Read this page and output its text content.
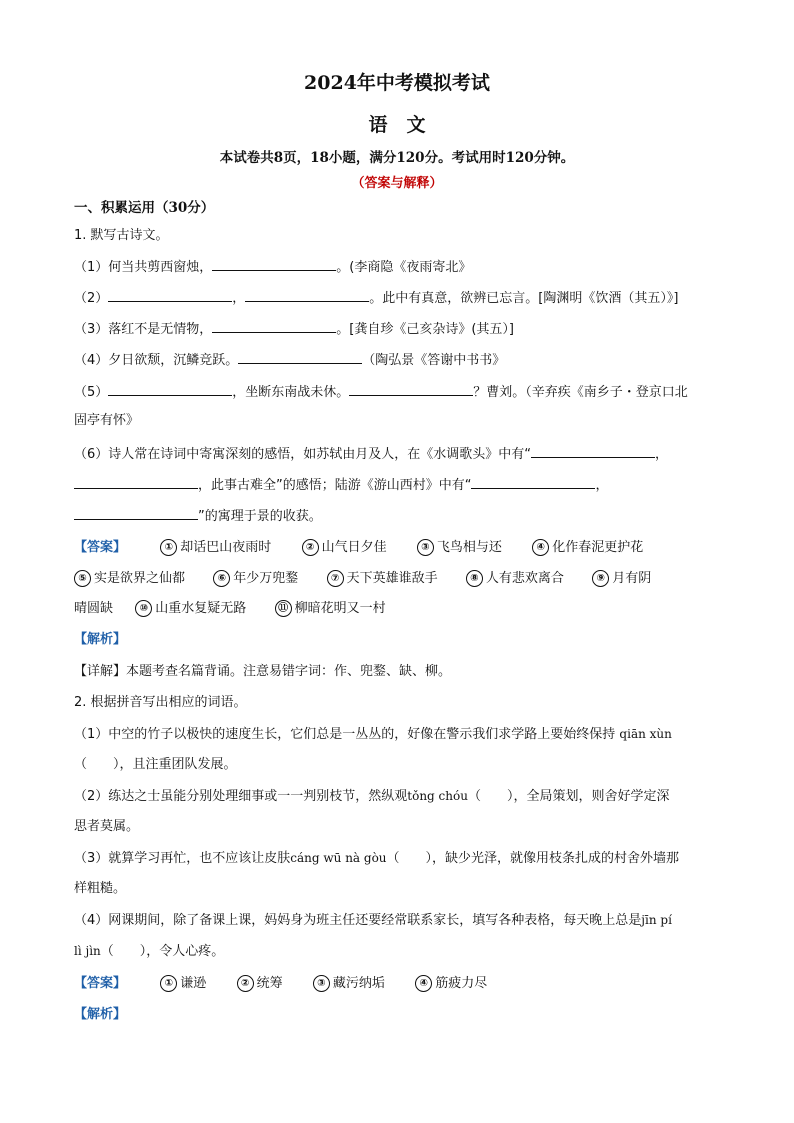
2024年中考模拟考试
语　文
本试卷共8页，18小题，满分120分。考试用时120分钟。
（答案与解释）
一、积累运用（30分）
1. 默写古诗文。
（1）何当共剪西窗烛，	。(李商隐《夜雨寄北》
（2）	，	。此中有真意，欲辨已忘言。[陶渊明《饮酒（其五）》]
（3）落红不是无情物，	。[龚自珍《己亥杂诗》(其五）]
（4）夕日欲颓，沉鳞竞跃。	（陶弘景《答谢中书书》
（5）	，坐断东南战未休。	？曹刘。（辛弃疾《南乡子・登京口北
固亭有怀》
（6）诗人常在诗词中寄寓深刻的感悟，如苏轼由月及人，在《水调歌头》中有“	，
，此事古难全”的感悟；陆游《游山西村》中有“	，
”的寓理于景的收获。
【答案】	① 却话巴山夜雨时	② 山气日夕佳	③ 飞鸟相与还	④ 化作春泥更护花
⑤ 实是欲界之仙都	⑥ 年少万兜鍪	⑦ 天下英雄谁敌手	⑧ 人有悲欢离合	⑨ 月有阴
晴圆缺	⑩ 山重水复疑无路	⑪ 柳暗花明又一村
【解析】
【详解】本题考查名篇背诵。注意易错字词：作、兜鍪、缺、柳。
2. 根据拼音写出相应的词语。
（1）中空的竹子以极快的速度生长，它们总是一丛丛的，好像在警示我们求学路上要始终保持 qiān xùn
（　　），且注重团队发展。
（2）练达之士虽能分别处理细事或一一判别枝节，然纵观tǒng chóu（　　），全局策划，则舍好学定深
思者莫属。
（3）就算学习再忙，也不应该让皮肤cáng wū nà gòu（　　），缺少光泽，就像用枝条扎成的村舍外墙那
样粗糙。
（4）网课期间，除了备课上课，妈妈身为班主任还要经常联系家长，填写各种表格，每天晚上总是jīn pí
lì jìn（　　），令人心疼。
【答案】	① 谦逊	② 统筹	③ 藏污纳垢	④ 筋疲力尽
【解析】
